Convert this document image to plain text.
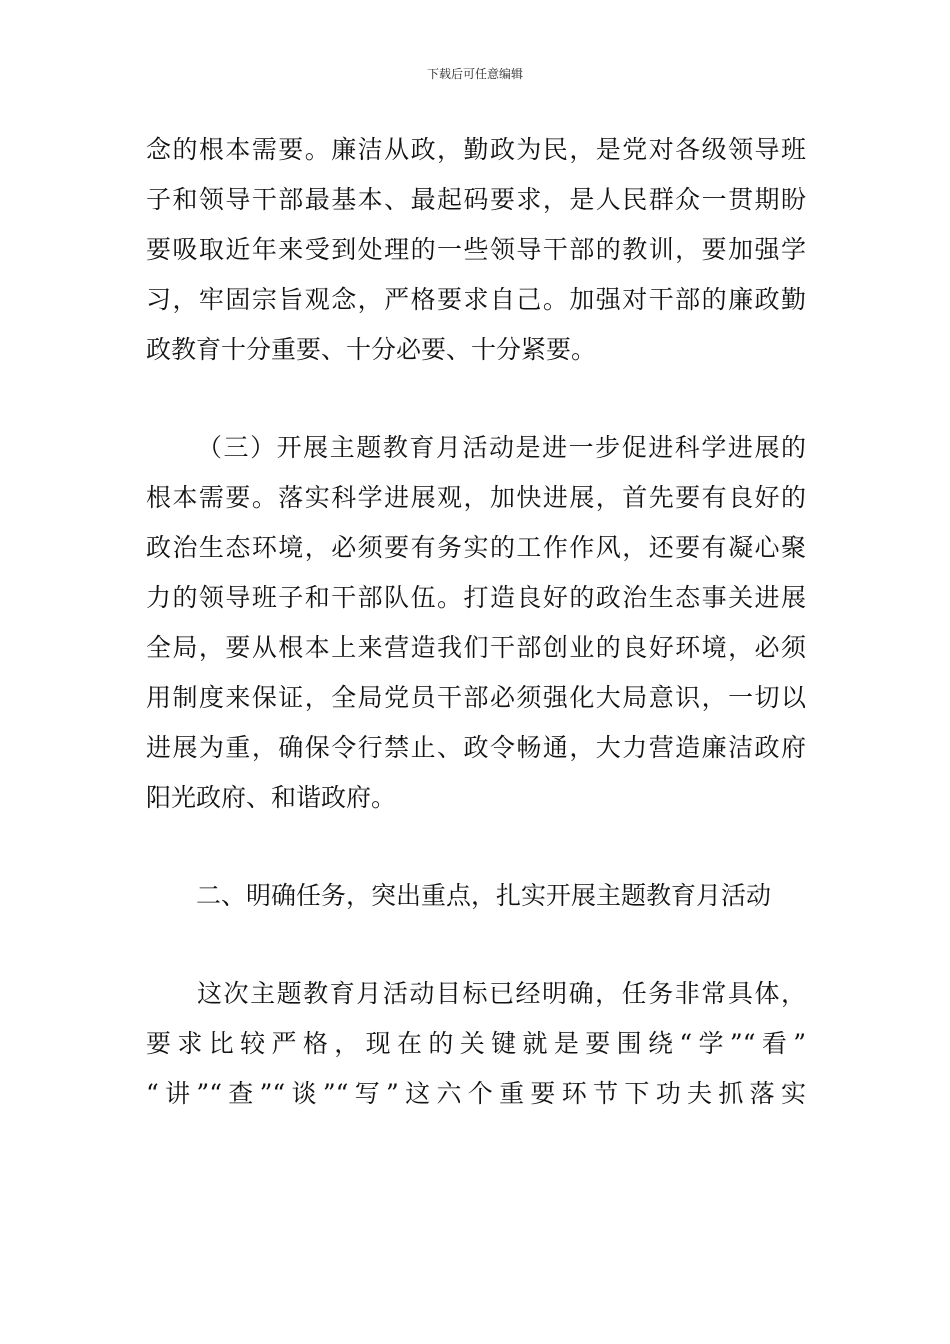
下载后可任意编辑
念的根本需要。廉洁从政，勤政为民，是党对各级领导班
子和领导干部最基本、最起码要求，是人民群众一贯期盼
要吸取近年来受到处理的一些领导干部的教训，要加强学
习，牢固宗旨观念，严格要求自己。加强对干部的廉政勤
政教育十分重要、十分必要、十分紧要。
（三）开展主题教育月活动是进一步促进科学进展的
根本需要。落实科学进展观，加快进展，首先要有良好的
政治生态环境，必须要有务实的工作作风，还要有凝心聚
力的领导班子和干部队伍。打造良好的政治生态事关进展
全局，要从根本上来营造我们干部创业的良好环境，必须
用制度来保证，全局党员干部必须强化大局意识，一切以
进展为重，确保令行禁止、政令畅通，大力营造廉洁政府
阳光政府、和谐政府。
二、明确任务，突出重点，扎实开展主题教育月活动
这次主题教育月活动目标已经明确，任务非常具体，
要求比较严格，现在的关键就是要围绕“学”“看”
“讲”“查”“谈”“写”这六个重要环节下功夫抓落实
